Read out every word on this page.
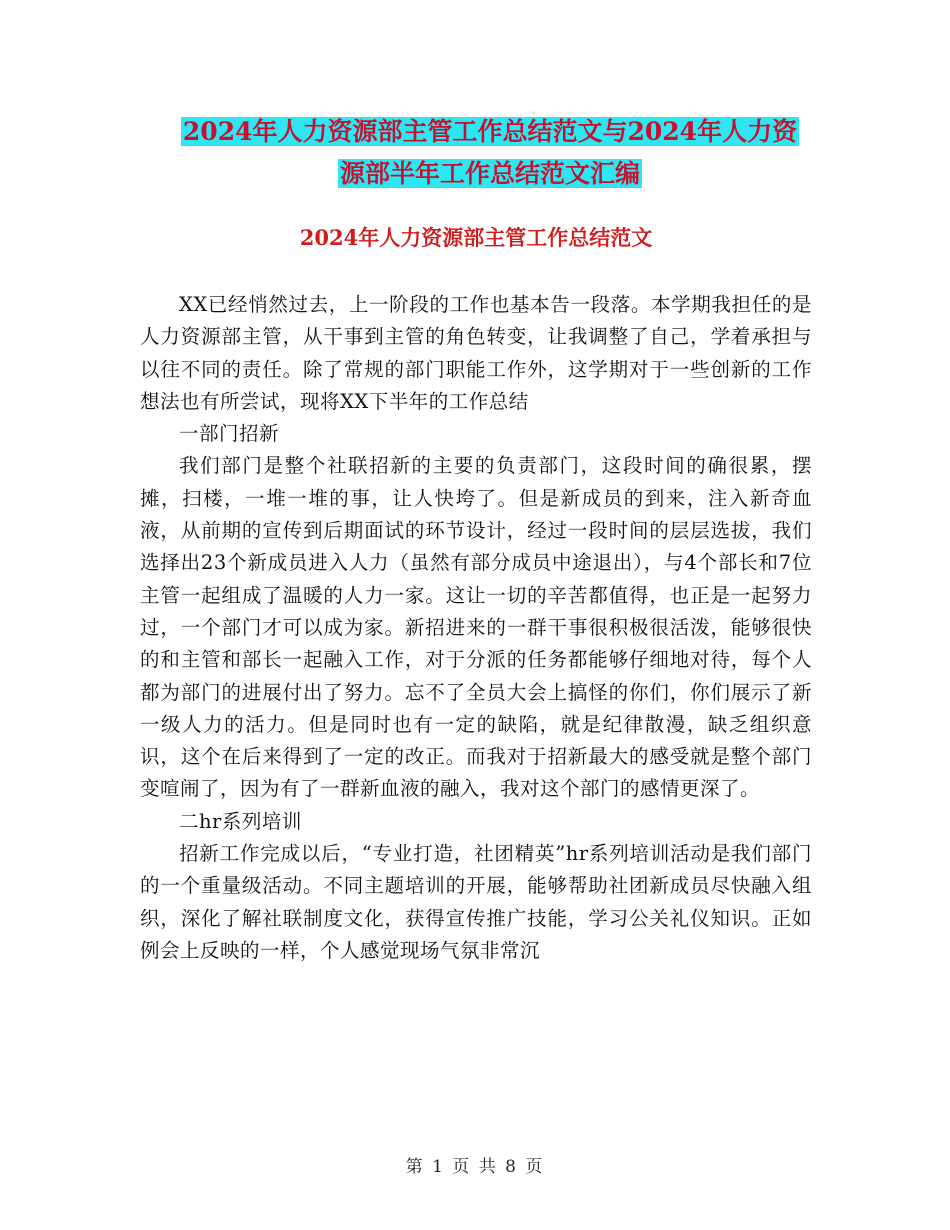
2024年人力资源部主管工作总结范文与2024年人力资
源部半年工作总结范文汇编
2024年人力资源部主管工作总结范文

XX已经悄然过去，上一阶段的工作也基本告一段落。本学期我担任的是人力资源部主管，从干事到主管的角色转变，让我调整了自己，学着承担与以往不同的责任。除了常规的部门职能工作外，这学期对于一些创新的工作想法也有所尝试，现将XX下半年的工作总结

一部门招新

我们部门是整个社联招新的主要的负责部门，这段时间的确很累，摆摊，扫楼，一堆一堆的事，让人快垮了。但是新成员的到来，注入新奇血液，从前期的宣传到后期面试的环节设计，经过一段时间的层层选拔，我们选择出23个新成员进入人力（虽然有部分成员中途退出），与4个部长和7位主管一起组成了温暖的人力一家。这让一切的辛苦都值得，也正是一起努力过，一个部门才可以成为家。新招进来的一群干事很积极很活泼，能够很快的和主管和部长一起融入工作，对于分派的任务都能够仔细地对待，每个人都为部门的进展付出了努力。忘不了全员大会上搞怪的你们，你们展示了新一级人力的活力。但是同时也有一定的缺陷，就是纪律散漫，缺乏组织意识，这个在后来得到了一定的改正。而我对于招新最大的感受就是整个部门变喧闹了，因为有了一群新血液的融入，我对这个部门的感情更深了。

二hr系列培训

招新工作完成以后，“专业打造，社团精英”hr系列培训活动是我们部门的一个重量级活动。不同主题培训的开展，能够帮助社团新成员尽快融入组织，深化了解社联制度文化，获得宣传推广技能，学习公关礼仪知识。正如例会上反映的一样，个人感觉现场气氛非常沉

第 1 页 共 8 页
